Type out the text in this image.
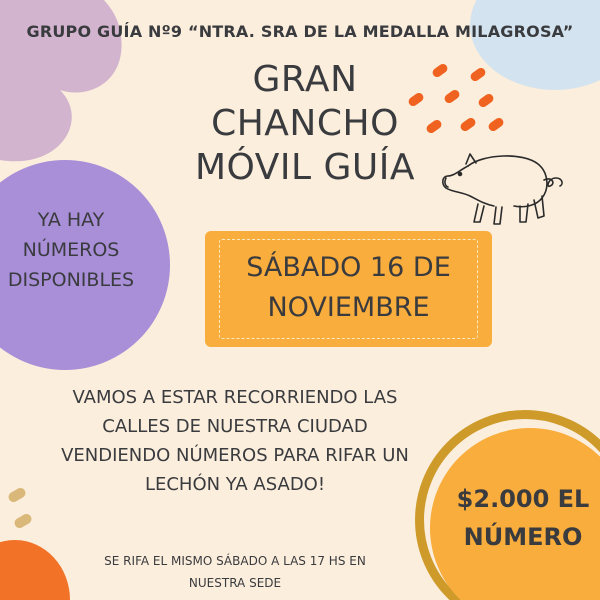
YA HAY
NÚMEROS
DISPONIBLES
GRUPO GUÍA Nº9 “NTRA. SRA DE LA MEDALLA MILAGROSA”
GRAN
CHANCHO
MÓVIL GUÍA
SÁBADO 16 DE
NOVIEMBRE
VAMOS A ESTAR RECORRIENDO LAS
CALLES DE NUESTRA CIUDAD
VENDIENDO NÚMEROS PARA RIFAR UN
LECHÓN YA ASADO!
$2.000 EL
NÚMERO
SE RIFA EL MISMO SÁBADO A LAS 17 HS EN
NUESTRA SEDE
